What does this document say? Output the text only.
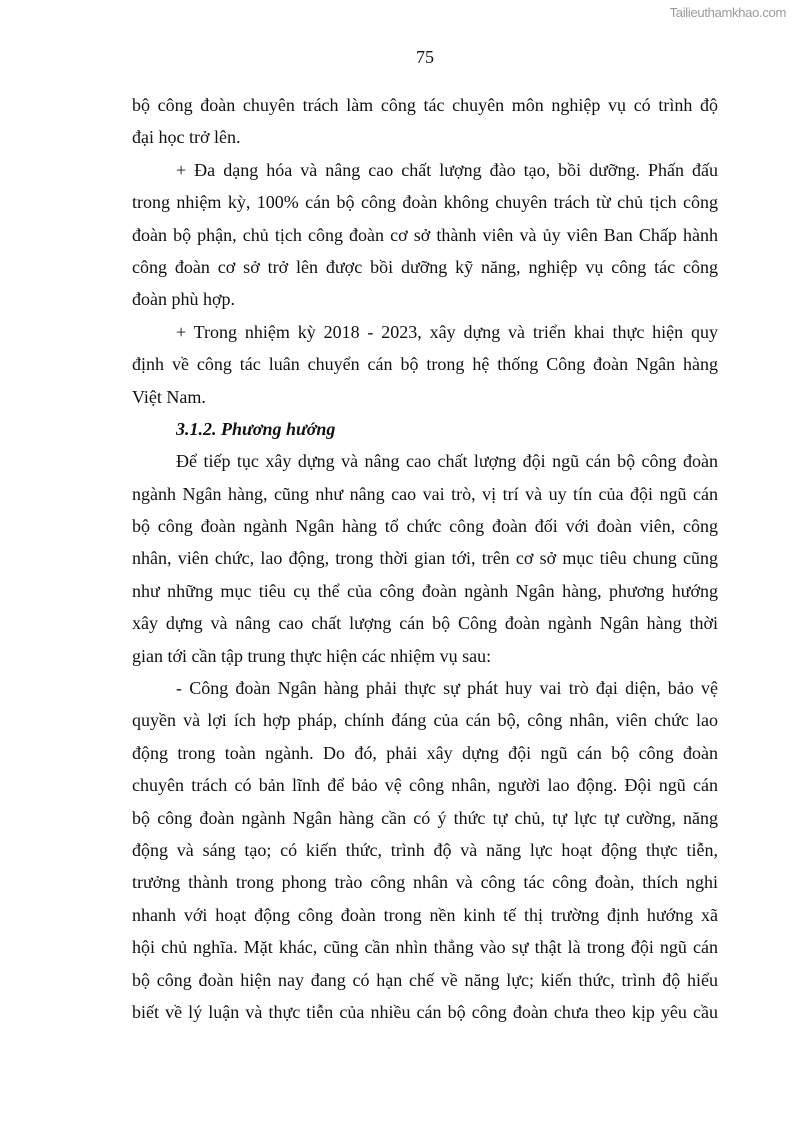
Tailieuthamkhao.com
75
bộ công đoàn chuyên trách làm công tác chuyên môn nghiệp vụ có trình độ
đại học trở lên.
+ Đa dạng hóa và nâng cao chất lượng đào tạo, bồi dưỡng. Phấn đấu
trong nhiệm kỳ, 100% cán bộ công đoàn không chuyên trách từ chủ tịch công
đoàn bộ phận, chủ tịch công đoàn cơ sở thành viên và ủy viên Ban Chấp hành
công đoàn cơ sở trở lên được bồi dưỡng kỹ năng, nghiệp vụ công tác công
đoàn phù hợp.
+ Trong nhiệm kỳ 2018 - 2023, xây dựng và triển khai thực hiện quy
định về công tác luân chuyển cán bộ trong hệ thống Công đoàn Ngân hàng
Việt Nam.
3.1.2. Phương hướng
Để tiếp tục xây dựng và nâng cao chất lượng đội ngũ cán bộ công đoàn
ngành Ngân hàng, cũng như nâng cao vai trò, vị trí và uy tín của đội ngũ cán
bộ công đoàn ngành Ngân hàng tổ chức công đoàn đối với đoàn viên, công
nhân, viên chức, lao động, trong thời gian tới, trên cơ sở mục tiêu chung cũng
như những mục tiêu cụ thể của công đoàn ngành Ngân hàng, phương hướng
xây dựng và nâng cao chất lượng cán bộ Công đoàn ngành Ngân hàng thời
gian tới cần tập trung thực hiện các nhiệm vụ sau:
- Công đoàn Ngân hàng phải thực sự phát huy vai trò đại diện, bảo vệ
quyền và lợi ích hợp pháp, chính đáng của cán bộ, công nhân, viên chức lao
động trong toàn ngành. Do đó, phải xây dựng đội ngũ cán bộ công đoàn
chuyên trách có bản lĩnh để bảo vệ công nhân, người lao động. Đội ngũ cán
bộ công đoàn ngành Ngân hàng cần có ý thức tự chủ, tự lực tự cường, năng
động và sáng tạo; có kiến thức, trình độ và năng lực hoạt động thực tiễn,
trưởng thành trong phong trào công nhân và công tác công đoàn, thích nghi
nhanh với hoạt động công đoàn trong nền kinh tế thị trường định hướng xã
hội chủ nghĩa. Mặt khác, cũng cần nhìn thẳng vào sự thật là trong đội ngũ cán
bộ công đoàn hiện nay đang có hạn chế về năng lực; kiến thức, trình độ hiểu
biết về lý luận và thực tiễn của nhiều cán bộ công đoàn chưa theo kịp yêu cầu
